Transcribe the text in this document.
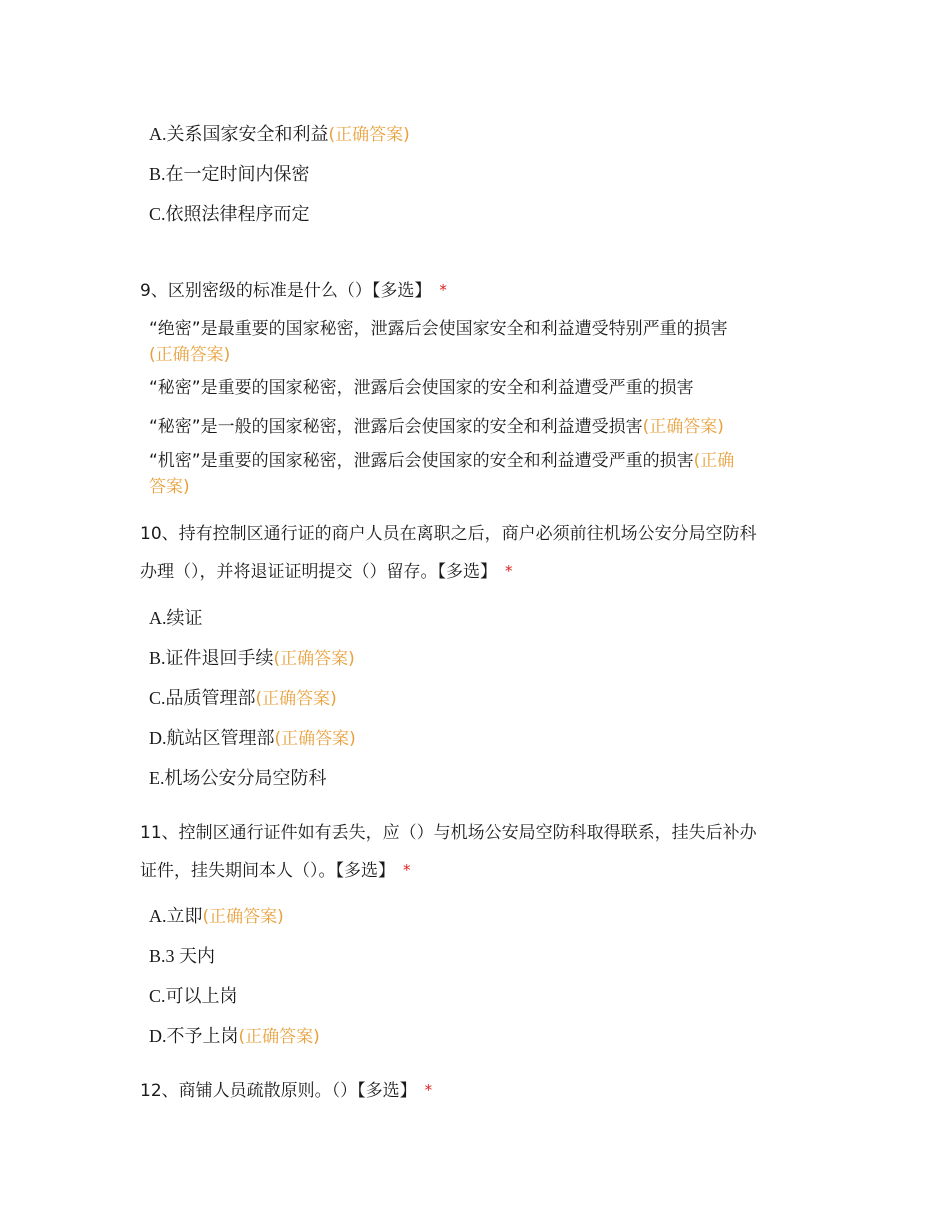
A.关系国家安全和利益(正确答案)
B.在一定时间内保密
C.依照法律程序而定
9、区别密级的标准是什么（）【多选】 *
“绝密”是最重要的国家秘密，泄露后会使国家安全和利益遭受特别严重的损害
(正确答案)
“秘密”是重要的国家秘密，泄露后会使国家的安全和利益遭受严重的损害
“秘密”是一般的国家秘密，泄露后会使国家的安全和利益遭受损害(正确答案)
“机密”是重要的国家秘密，泄露后会使国家的安全和利益遭受严重的损害(正确
答案)
10、持有控制区通行证的商户人员在离职之后，商户必须前往机场公安分局空防科
办理（），并将退证证明提交（）留存。【多选】 *
A.续证
B.证件退回手续(正确答案)
C.品质管理部(正确答案)
D.航站区管理部(正确答案)
E.机场公安分局空防科
11、控制区通行证件如有丢失，应（）与机场公安局空防科取得联系，挂失后补办
证件，挂失期间本人（）。【多选】 *
A.立即(正确答案)
B.3 天内
C.可以上岗
D.不予上岗(正确答案)
12、商铺人员疏散原则。（）【多选】 *
